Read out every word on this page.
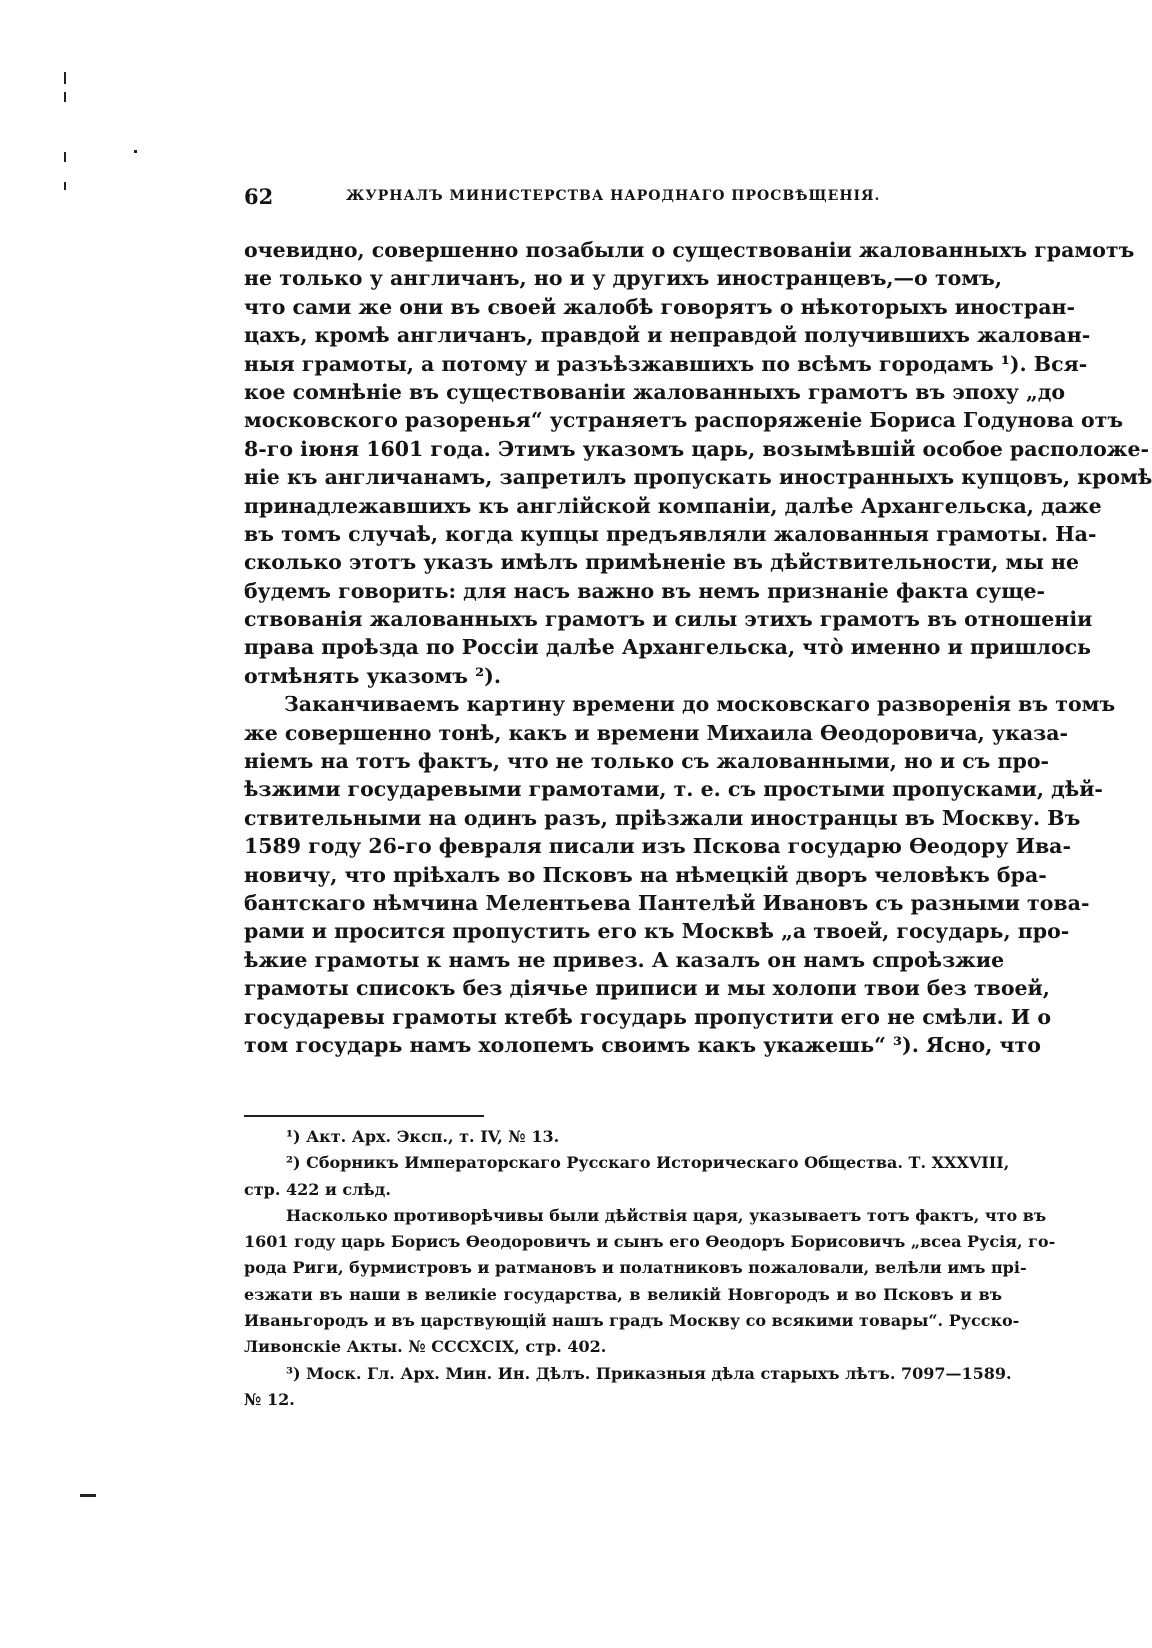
62	ЖУРНАЛЪ МИНИСТЕРСТВА НАРОДНАГО ПРОСВѢЩЕНІЯ.
очевидно, совершенно позабыли о существованіи жалованныхъ грамотъ
не только у англичанъ, но и у другихъ иностранцевъ,—о томъ,
что сами же они въ своей жалобѣ говорятъ о нѣкоторыхъ иностран-
цахъ, кромѣ англичанъ, правдой и неправдой получившихъ жалован-
ныя грамоты, а потому и разъѣзжавшихъ по всѣмъ городамъ ¹). Вся-
кое сомнѣніе въ существованіи жалованныхъ грамотъ въ эпоху „до
московского разоренья“ устраняетъ распоряженіе Бориса Годунова отъ
8-го іюня 1601 года. Этимъ указомъ царь, возымѣвшій особое расположе-
ніе къ англичанамъ, запретилъ пропускать иностранныхъ купцовъ, кромѣ
принадлежавшихъ къ англійской компаніи, далѣе Архангельска, даже
въ томъ случаѣ, когда купцы предъявляли жалованныя грамоты. На-
сколько этотъ указъ имѣлъ примѣненіе въ дѣйствительности, мы не
будемъ говорить: для насъ важно въ немъ признаніе факта суще-
ствованія жалованныхъ грамотъ и силы этихъ грамотъ въ отношеніи
права проѣзда по Россіи далѣе Архангельска, что̀ именно и пришлось
отмѣнять указомъ ²).
Заканчиваемъ картину времени до московскаго разворенія въ томъ
же совершенно тонѣ, какъ и времени Михаила Ѳеодоровича, указа-
ніемъ на тотъ фактъ, что не только съ жалованными, но и съ про-
ѣзжими государевыми грамотами, т. е. съ простыми пропусками, дѣй-
ствительными на одинъ разъ, пріѣзжали иностранцы въ Москву. Въ
1589 году 26-го февраля писали изъ Пскова государю Ѳеодору Ива-
новичу, что пріѣхалъ во Псковъ на нѣмецкій дворъ человѣкъ бра-
бантскаго нѣмчина Мелентьева Пантелѣй Ивановъ съ разными това-
рами и просится пропустить его къ Москвѣ „а твоей, государь, про-
ѣжие грамоты к намъ не привез. А казалъ он намъ спроѣзжие
грамоты списокъ без діячье приписи и мы холопи твои без твоей,
государевы грамоты ктебѣ государь пропустити его не смѣли. И о
том государь намъ холопемъ своимъ какъ укажешь“ ³). Ясно, что
¹) Акт. Арх. Эксп., т. IV, № 13.
²) Сборникъ Императорскаго Русскаго Историческаго Общества. Т. XXXVIII,
стр. 422 и слѣд.
Насколько противорѣчивы были дѣйствія царя, указываетъ тотъ фактъ, что въ
1601 году царь Борисъ Ѳеодоровичъ и сынъ его Ѳеодоръ Борисовичъ „всеа Русія, го-
рода Риги, бурмистровъ и ратмановъ и полатниковъ пожаловали, велѣли имъ прі-
езжати въ наши в великіе государства, в великій Новгородъ и во Псковъ и въ
Иваньгородъ и въ царствующій нашъ градъ Москву со всякими товары“. Русско-
Ливонскіе Акты. № CCCXCIX, стр. 402.
³) Моск. Гл. Арх. Мин. Ин. Дѣлъ. Приказныя дѣла старыхъ лѣтъ. 7097—1589.
№ 12.
